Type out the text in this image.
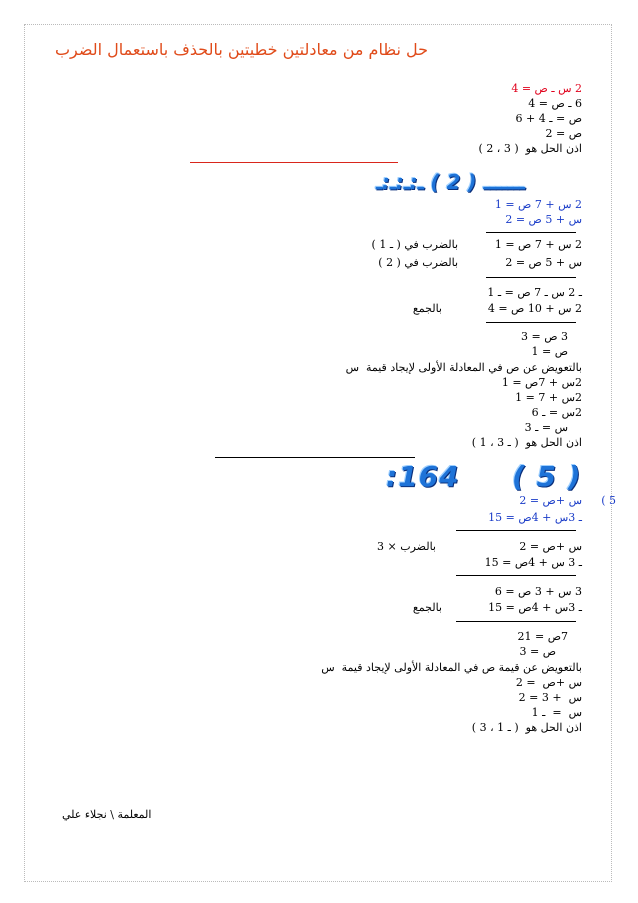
حل نظام من معادلتين خطيتين بالحذف باستعمال الضرب
2 س ـ ص = 4
6 ـ ص = 4
ص = ـ 4 + 6
ص = 2
اذن الحل هو  ( 3 ، 2 )
ـــــــ ( 2 ) ـ:ـ:ـ:ـ
2 س + 7 ص = 1
س + 5 ص = 2
2 س + 7 ص = 1
بالضرب في ( ـ 1 )
س + 5 ص = 2
بالضرب في ( 2 )
ـ 2 س ـ 7 ص = ـ 1
2 س + 10 ص = 4
بالجمع
3 ص = 3
ص = 1
بالتعويض عن ص في المعادلة الأولى لإيجاد قيمة  س
2س + 7ص = 1
2س + 7 = 1
2س = ـ 6
س = ـ 3
اذن الحل هو  ( ـ 3 ، 1 )
:164 ( 5 )
5 )
س +ص = 2
ـ 3س + 4ص = 15
س +ص = 2
بالضرب × 3
ـ 3 س + 4ص = 15
3 س + 3 ص = 6
ـ 3س + 4ص = 15
بالجمع
7ص = 21
ص = 3
بالتعويض عن قيمة ص في المعادلة الأولى لإيجاد قيمة  س
س +ص  = 2
س  + 3 = 2
س  =  ـ 1
اذن الحل هو  ( ـ 1 ، 3 )
المعلمة \ نجلاء علي
